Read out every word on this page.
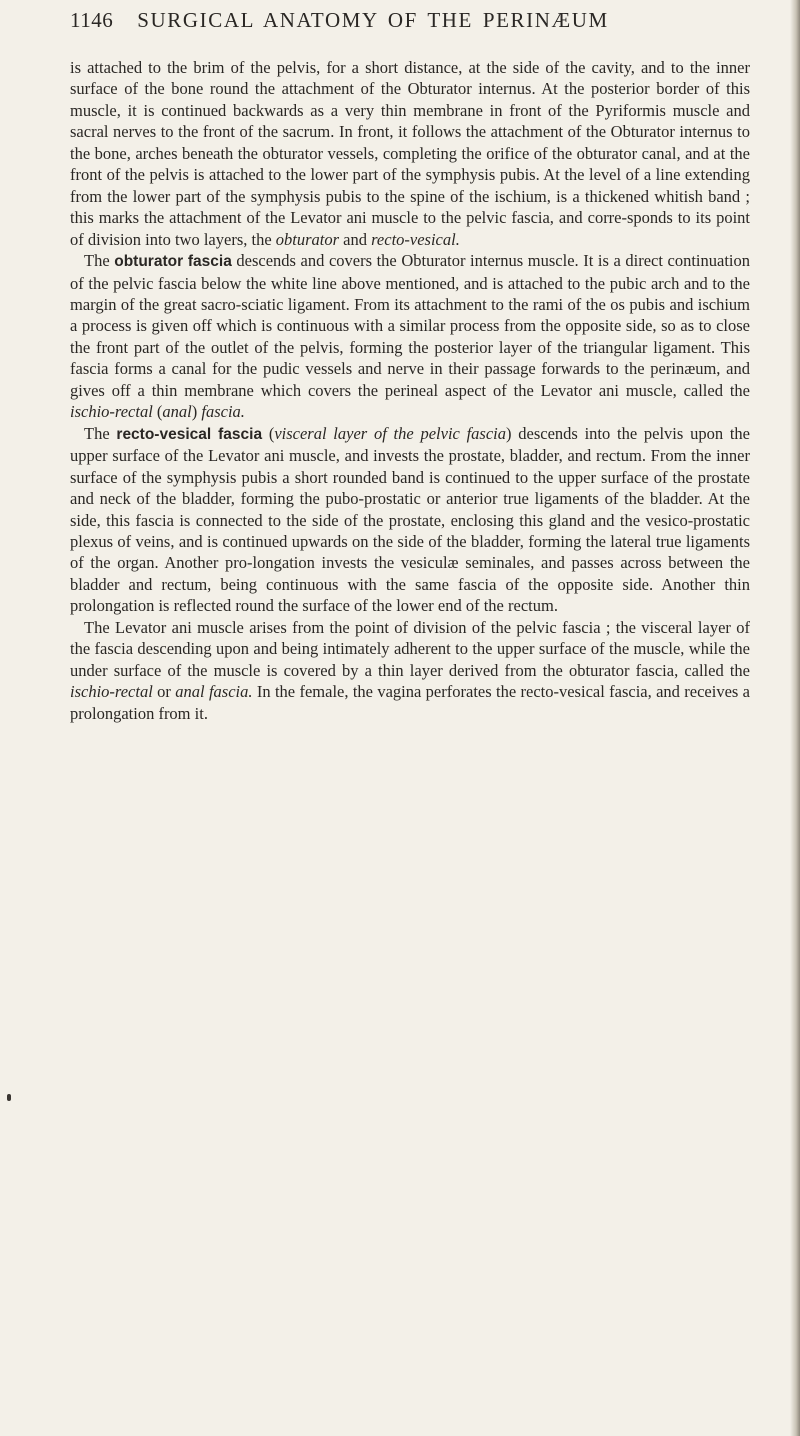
1146 SURGICAL ANATOMY OF THE PERINÆUM

is attached to the brim of the pelvis, for a short distance, at the side of the cavity, and to the inner surface of the bone round the attachment of the Obturator internus. At the posterior border of this muscle, it is continued backwards as a very thin membrane in front of the Pyriformis muscle and sacral nerves to the front of the sacrum. In front, it follows the attachment of the Obturator internus to the bone, arches beneath the obturator vessels, completing the orifice of the obturator canal, and at the front of the pelvis is attached to the lower part of the symphysis pubis. At the level of a line extending from the lower part of the symphysis pubis to the spine of the ischium, is a thickened whitish band ; this marks the attachment of the Levator ani muscle to the pelvic fascia, and corre-sponds to its point of division into two layers, the obturator and recto-vesical.

The obturator fascia descends and covers the Obturator internus muscle. It is a direct continuation of the pelvic fascia below the white line above mentioned, and is attached to the pubic arch and to the margin of the great sacro-sciatic ligament. From its attachment to the rami of the os pubis and ischium a process is given off which is continuous with a similar process from the opposite side, so as to close the front part of the outlet of the pelvis, forming the posterior layer of the triangular ligament. This fascia forms a canal for the pudic vessels and nerve in their passage forwards to the perinæum, and gives off a thin membrane which covers the perineal aspect of the Levator ani muscle, called the ischio-rectal (anal) fascia.

The recto-vesical fascia (visceral layer of the pelvic fascia) descends into the pelvis upon the upper surface of the Levator ani muscle, and invests the prostate, bladder, and rectum. From the inner surface of the symphysis pubis a short rounded band is continued to the upper surface of the prostate and neck of the bladder, forming the pubo-prostatic or anterior true ligaments of the bladder. At the side, this fascia is connected to the side of the prostate, enclosing this gland and the vesico-prostatic plexus of veins, and is continued upwards on the side of the bladder, forming the lateral true ligaments of the organ. Another pro-longation invests the vesiculæ seminales, and passes across between the bladder and rectum, being continuous with the same fascia of the opposite side. Another thin prolongation is reflected round the surface of the lower end of the rectum.

The Levator ani muscle arises from the point of division of the pelvic fascia ; the visceral layer of the fascia descending upon and being intimately adherent to the upper surface of the muscle, while the under surface of the muscle is covered by a thin layer derived from the obturator fascia, called the ischio-rectal or anal fascia. In the female, the vagina perforates the recto-vesical fascia, and receives a prolongation from it.
